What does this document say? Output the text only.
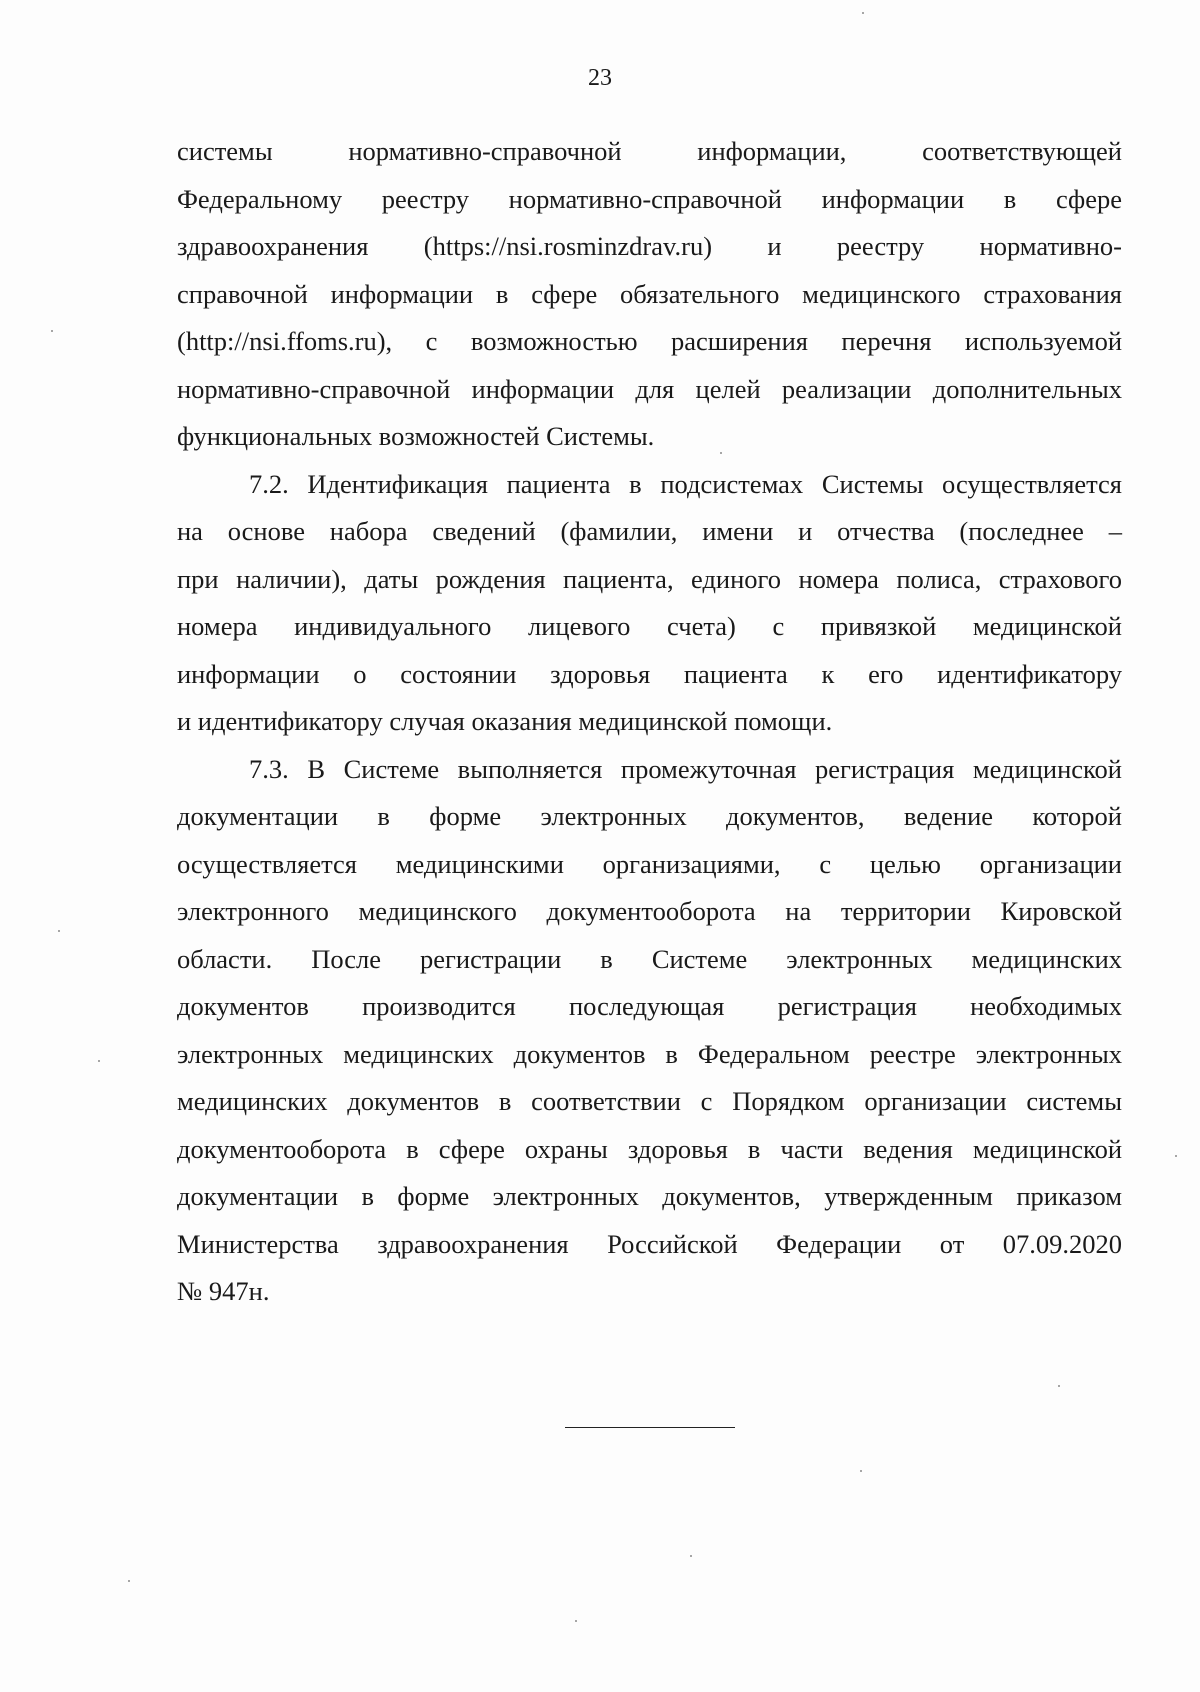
23
системы нормативно-справочной информации, соответствующей
Федеральному реестру нормативно-справочной информации в сфере
здравоохранения (https://nsi.rosminzdrav.ru) и реестру нормативно-
справочной информации в сфере обязательного медицинского страхования
(http://nsi.ffoms.ru), с возможностью расширения перечня используемой
нормативно-справочной информации для целей реализации дополнительных
функциональных возможностей Системы.
7.2. Идентификация пациента в подсистемах Системы осуществляется
на основе набора сведений (фамилии, имени и отчества (последнее –
при наличии), даты рождения пациента, единого номера полиса, страхового
номера индивидуального лицевого счета) с привязкой медицинской
информации о состоянии здоровья пациента к его идентификатору
и идентификатору случая оказания медицинской помощи.
7.3. В Системе выполняется промежуточная регистрация медицинской
документации в форме электронных документов, ведение которой
осуществляется медицинскими организациями, с целью организации
электронного медицинского документооборота на территории Кировской
области. После регистрации в Системе электронных медицинских
документов производится последующая регистрация необходимых
электронных медицинских документов в Федеральном реестре электронных
медицинских документов в соответствии с Порядком организации системы
документооборота в сфере охраны здоровья в части ведения медицинской
документации в форме электронных документов, утвержденным приказом
Министерства здравоохранения Российской Федерации от 07.09.2020
№ 947н.
